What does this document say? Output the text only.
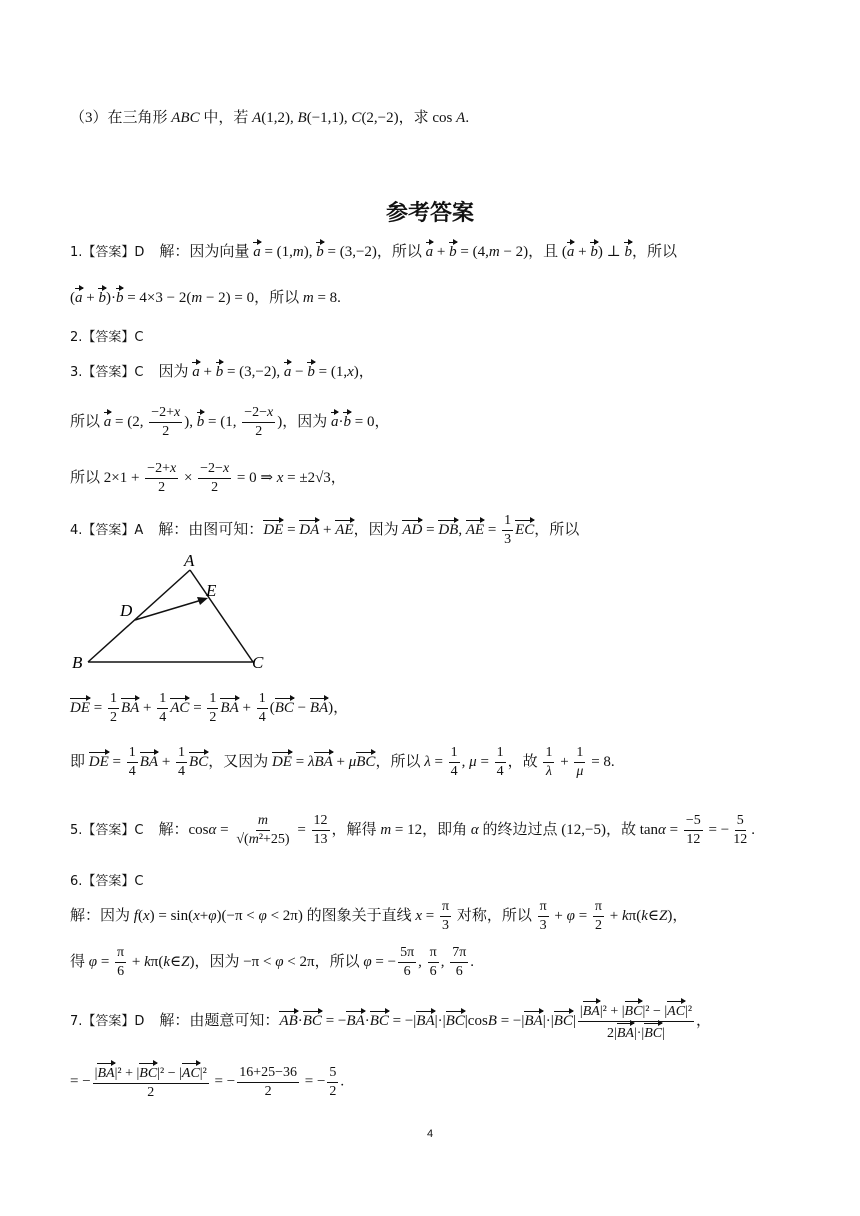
（3）在三角形 ABC 中，若 A(1,2), B(−1,1), C(2,−2)，求 cos A.
参考答案
1.【答案】D　解：因为向量 a = (1,m), b = (3,−2)，所以 a + b = (4,m − 2)，且 (a + b) ⊥ b，所以
(a + b)·b = 4×3 − 2(m − 2) = 0，所以 m = 8.
2.【答案】C
3.【答案】C　因为 a + b = (3,−2), a − b = (1,x)，
所以 a = (2, $\frac{-2+x}{2}$ ), b = (1, $\frac{-2-x}{2}$ )，因为 a·b = 0，
所以 $2\times 1 + \frac{-2+x}{2} \times \frac{-2-x}{2} = 0$ ⇒ x = ±2√3，
4.【答案】A　解：由图可知：DE = DA + AE，因为 AD = DB, AE = $\frac{1}{3}$ EC，所以
A
B	C
D
E
DE = $\frac{1}{2}$ BA + $\frac{1}{4}$ AC = $\frac{1}{2}$ BA + $\frac{1}{4} (BC - BA)$，
即 DE = $\frac{1}{4}$ BA + $\frac{1}{4}$ BC，又因为 DE = λBA + μBC，所以 $\lambda = \frac{1}{4}$ , $\mu = \frac{1}{4}$ ，故 $\frac{1}{\lambda} + \frac{1}{\mu} = 8$.
5.【答案】C　解：$\cos\alpha = \frac{m}{\text{√(m²+25)}} = \frac{12}{13}$ ，解得 m = 12，即角 α 的终边过点 (12,−5)，故 $\tan\alpha = \frac{-5}{12}$ = − $\frac{5}{12}$ .
6.【答案】C
解：因为 f(x) = sin(x+φ)(−π < φ < 2π) 的图象关于直线 $x = \frac{\pi}{3}$ 对称，所以 $\frac{\pi}{3} + \varphi = \frac{\pi}{2}$ + kπ(k∈Z)，
得 $\varphi = \frac{\pi}{6}$ + kπ(k∈Z)，因为 −π < φ < 2π，所以 φ = − $\frac{5\pi}{6}$ , $\frac{\pi}{6}$ , $\frac{7\pi}{6}$ .
7.【答案】D　解：由题意可知：$AB\cdot BC = -BA\cdot BC = -|BA|\cdot|BC|\cos B = -|BA|\cdot|BC| \frac{\text{|BA|² + |BC|² − |AC|²}}{2|BA|\cdot|BC|}$ ，
= − $\frac{\text{|BA|² + |BC|² − |AC|²}}{2}$ = − $\frac{16+25-36}{2}$ = − $\frac{5}{2}$ .
4
